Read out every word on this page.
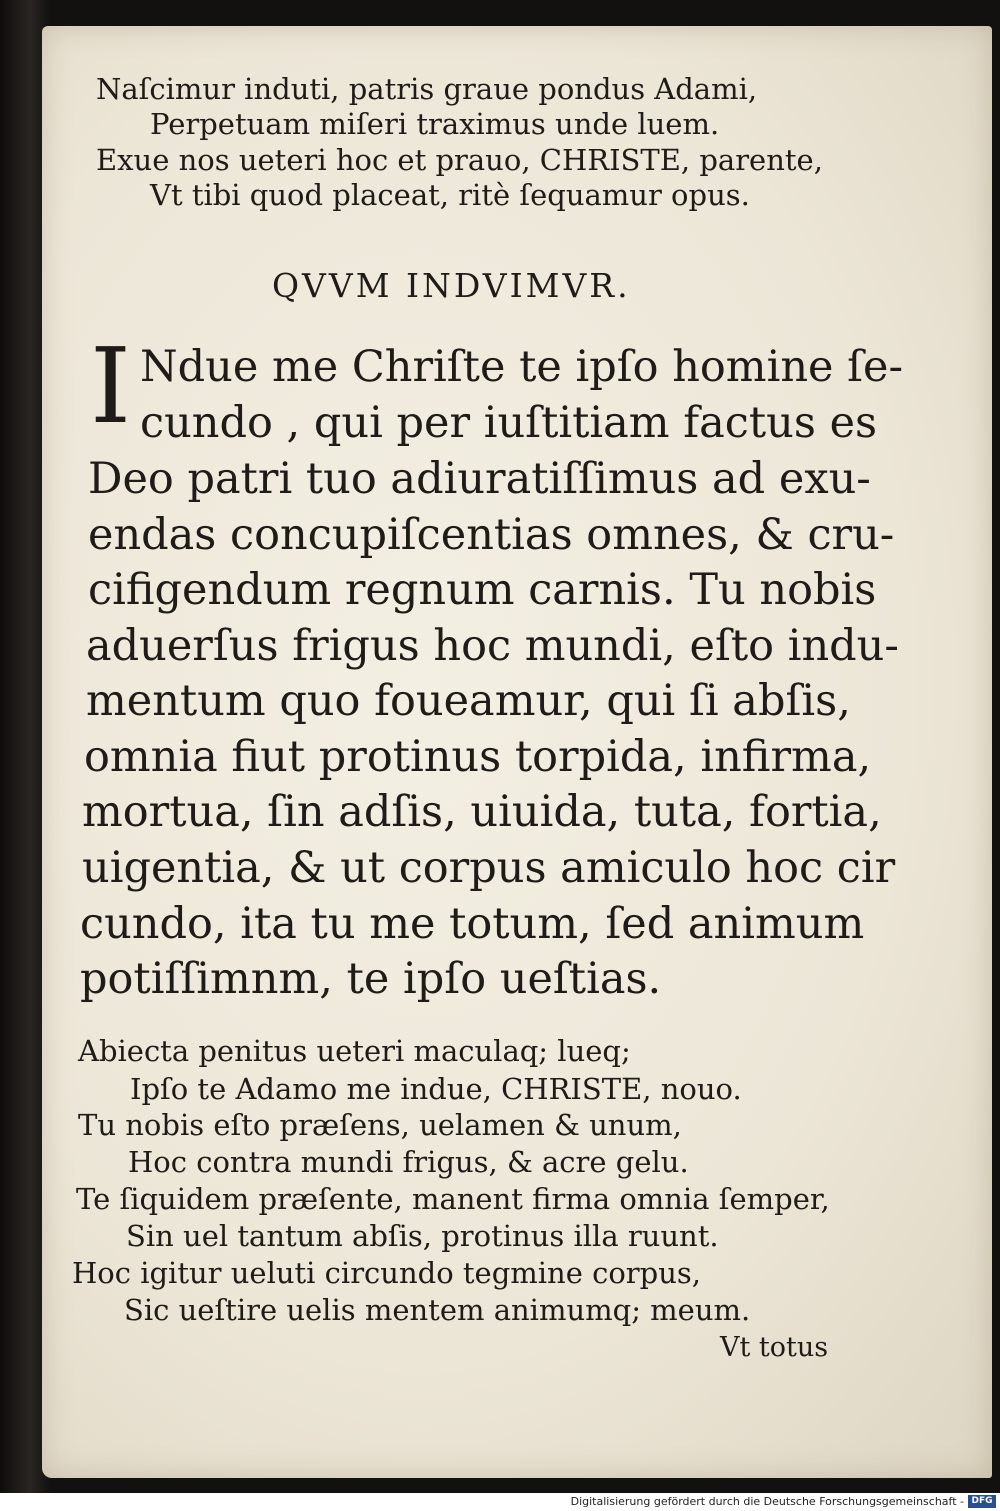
Naſcimur induti, patris graue pondus Adami,
Perpetuam miſeri traximus unde luem.
Exue nos ueteri hoc et prauo, CHRISTE, parente,
Vt tibi quod placeat, ritè ſequamur opus.
QVVM INDVIMVR.
I Ndue me Chriſte te ipſo homine ſe-
cundo , qui per iuſtitiam factus es
Deo patri tuo adiuratiſſimus ad exu-
endas concupiſcentias omnes, & cru-
cifigendum regnum carnis. Tu nobis
aduerſus frigus hoc mundi, eſto indu-
mentum quo foueamur, qui ſi abſis,
omnia fiut protinus torpida, infirma,
mortua, ſin adſis, uiuida, tuta, fortia,
uigentia, & ut corpus amiculo hoc cir
cundo, ita tu me totum, ſed animum
potiſſimnm, te ipſo ueſtias.
Abiecta penitus ueteri maculaq; lueq;
Ipſo te Adamo me indue, CHRISTE, nouo.
Tu nobis eſto præſens, uelamen & unum,
Hoc contra mundi frigus, & acre gelu.
Te ſiquidem præſente, manent firma omnia ſemper,
Sin uel tantum abſis, protinus illa ruunt.
Hoc igitur ueluti circundo tegmine corpus,
Sic ueſtire uelis mentem animumq; meum.
Vt totus
Digitalisierung gefördert durch die Deutsche Forschungsgemeinschaft - DFG
